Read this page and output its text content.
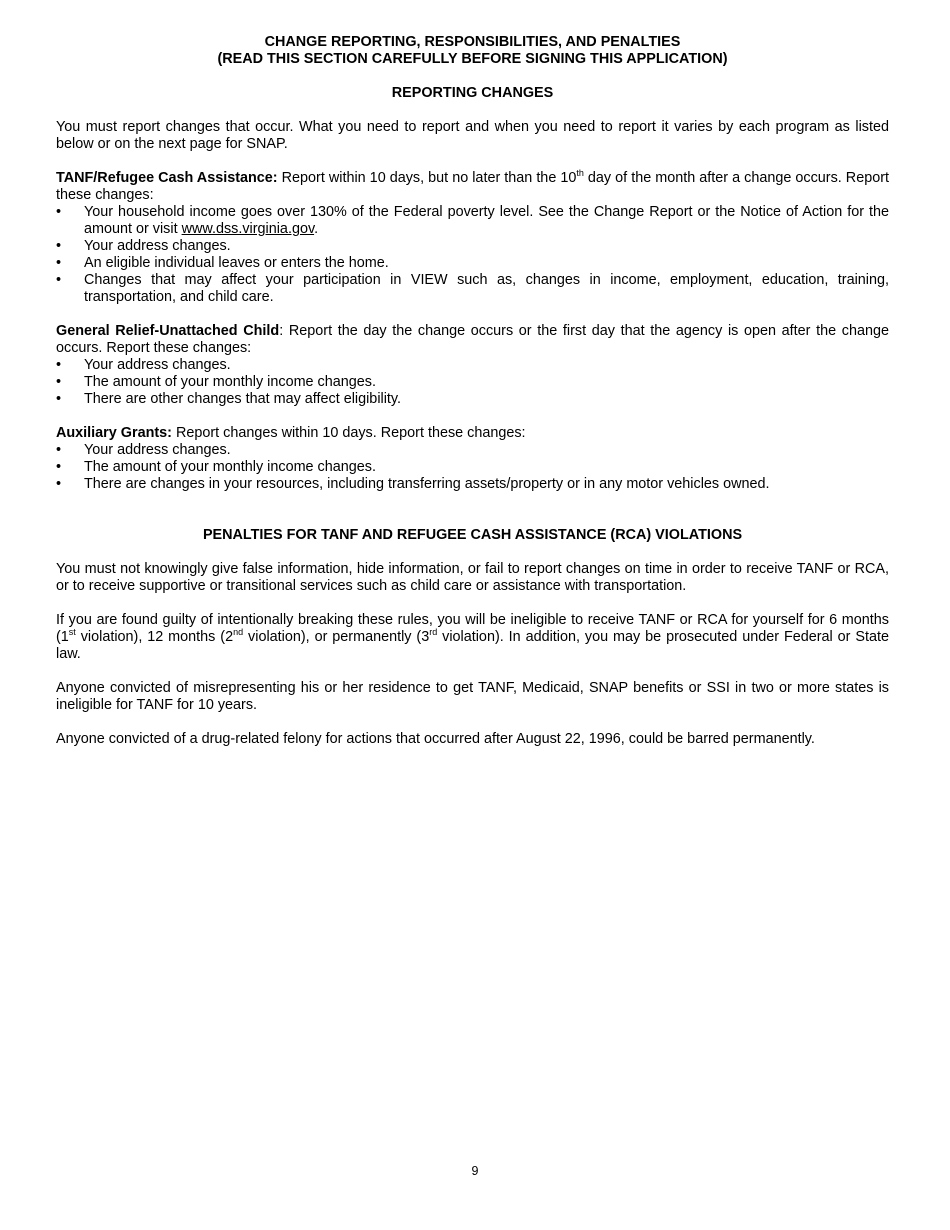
CHANGE REPORTING, RESPONSIBILITIES, AND PENALTIES
(READ THIS SECTION CAREFULLY BEFORE SIGNING THIS APPLICATION)
REPORTING CHANGES

You must report changes that occur. What you need to report and when you need to report it varies by each program as listed below or on the next page for SNAP.

TANF/Refugee Cash Assistance: Report within 10 days, but no later than the 10th day of the month after a change occurs. Report these changes:

• Your household income goes over 130% of the Federal poverty level. See the Change Report or the Notice of Action for the amount or visit www.dss.virginia.gov.
• Your address changes.
• An eligible individual leaves or enters the home.
• Changes that may affect your participation in VIEW such as, changes in income, employment, education, training, transportation, and child care.

General Relief-Unattached Child: Report the day the change occurs or the first day that the agency is open after the change occurs. Report these changes:

• Your address changes.
• The amount of your monthly income changes.
• There are other changes that may affect eligibility.

Auxiliary Grants: Report changes within 10 days. Report these changes:

• Your address changes.
• The amount of your monthly income changes.
• There are changes in your resources, including transferring assets/property or in any motor vehicles owned.
PENALTIES FOR TANF AND REFUGEE CASH ASSISTANCE (RCA) VIOLATIONS

You must not knowingly give false information, hide information, or fail to report changes on time in order to receive TANF or RCA, or to receive supportive or transitional services such as child care or assistance with transportation.

If you are found guilty of intentionally breaking these rules, you will be ineligible to receive TANF or RCA for yourself for 6 months (1st violation), 12 months (2nd violation), or permanently (3rd violation). In addition, you may be prosecuted under Federal or State law.

Anyone convicted of misrepresenting his or her residence to get TANF, Medicaid, SNAP benefits or SSI in two or more states is ineligible for TANF for 10 years.

Anyone convicted of a drug-related felony for actions that occurred after August 22, 1996, could be barred permanently.

9
